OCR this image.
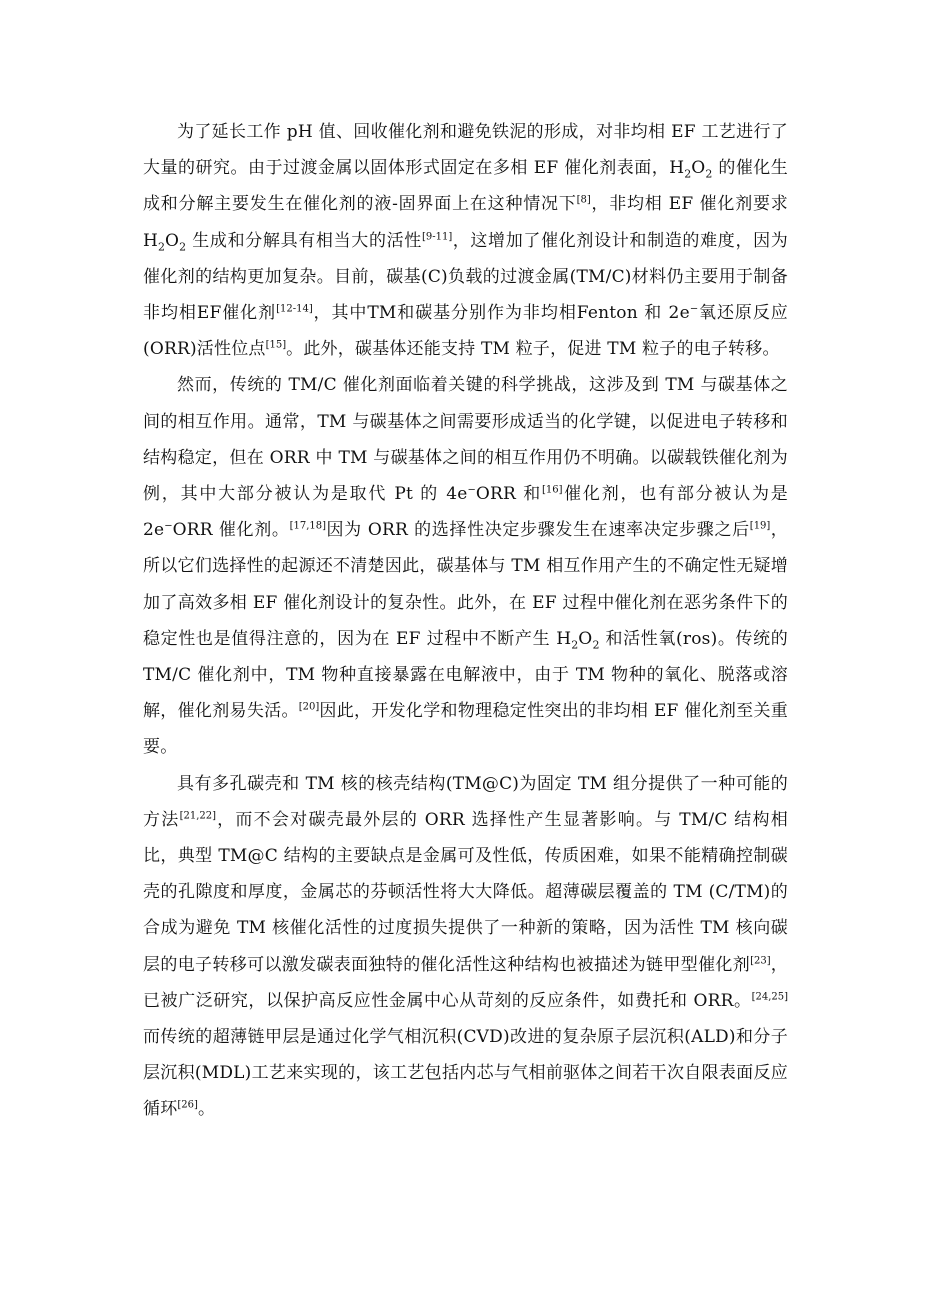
为了延长工作 pH 值、回收催化剂和避免铁泥的形成，对非均相 EF 工艺进行了大量的研究。由于过渡金属以固体形式固定在多相 EF 催化剂表面，$H_2O_2$ 的催化生成和分解主要发生在催化剂的液-固界面上在这种情况下[8]，非均相 EF 催化剂要求 $H_2O_2$ 生成和分解具有相当大的活性[9-11]，这增加了催化剂设计和制造的难度，因为催化剂的结构更加复杂。目前，碳基(C)负载的过渡金属(TM/C)材料仍主要用于制备非均相EF催化剂[12-14]，其中TM和碳基分别作为非均相Fenton 和 2e−氧还原反应(ORR)活性位点[15]。此外，碳基体还能支持 TM 粒子，促进 TM 粒子的电子转移。

然而，传统的 TM/C 催化剂面临着关键的科学挑战，这涉及到 TM 与碳基体之间的相互作用。通常，TM 与碳基体之间需要形成适当的化学键，以促进电子转移和结构稳定，但在 ORR 中 TM 与碳基体之间的相互作用仍不明确。以碳载铁催化剂为例，其中大部分被认为是取代 Pt 的 4e−ORR 和[16]催化剂，也有部分被认为是 2e−ORR 催化剂。[17,18]因为 ORR 的选择性决定步骤发生在速率决定步骤之后[19]，所以它们选择性的起源还不清楚因此，碳基体与 TM 相互作用产生的不确定性无疑增加了高效多相 EF 催化剂设计的复杂性。此外，在 EF 过程中催化剂在恶劣条件下的稳定性也是值得注意的，因为在 EF 过程中不断产生 $H_2O_2$ 和活性氧(ros)。传统的 TM/C 催化剂中，TM 物种直接暴露在电解液中，由于 TM 物种的氧化、脱落或溶解，催化剂易失活。[20]因此，开发化学和物理稳定性突出的非均相 EF 催化剂至关重要。

具有多孔碳壳和 TM 核的核壳结构(TM@C)为固定 TM 组分提供了一种可能的方法[21,22]，而不会对碳壳最外层的 ORR 选择性产生显著影响。与 TM/C 结构相比，典型 TM@C 结构的主要缺点是金属可及性低，传质困难，如果不能精确控制碳壳的孔隙度和厚度，金属芯的芬顿活性将大大降低。超薄碳层覆盖的 TM (C/TM)的合成为避免 TM 核催化活性的过度损失提供了一种新的策略，因为活性 TM 核向碳层的电子转移可以激发碳表面独特的催化活性这种结构也被描述为链甲型催化剂[23]，已被广泛研究，以保护高反应性金属中心从苛刻的反应条件，如费托和 ORR。[24,25]而传统的超薄链甲层是通过化学气相沉积(CVD)改进的复杂原子层沉积(ALD)和分子层沉积(MDL)工艺来实现的，该工艺包括内芯与气相前驱体之间若干次自限表面反应循环[26]。
